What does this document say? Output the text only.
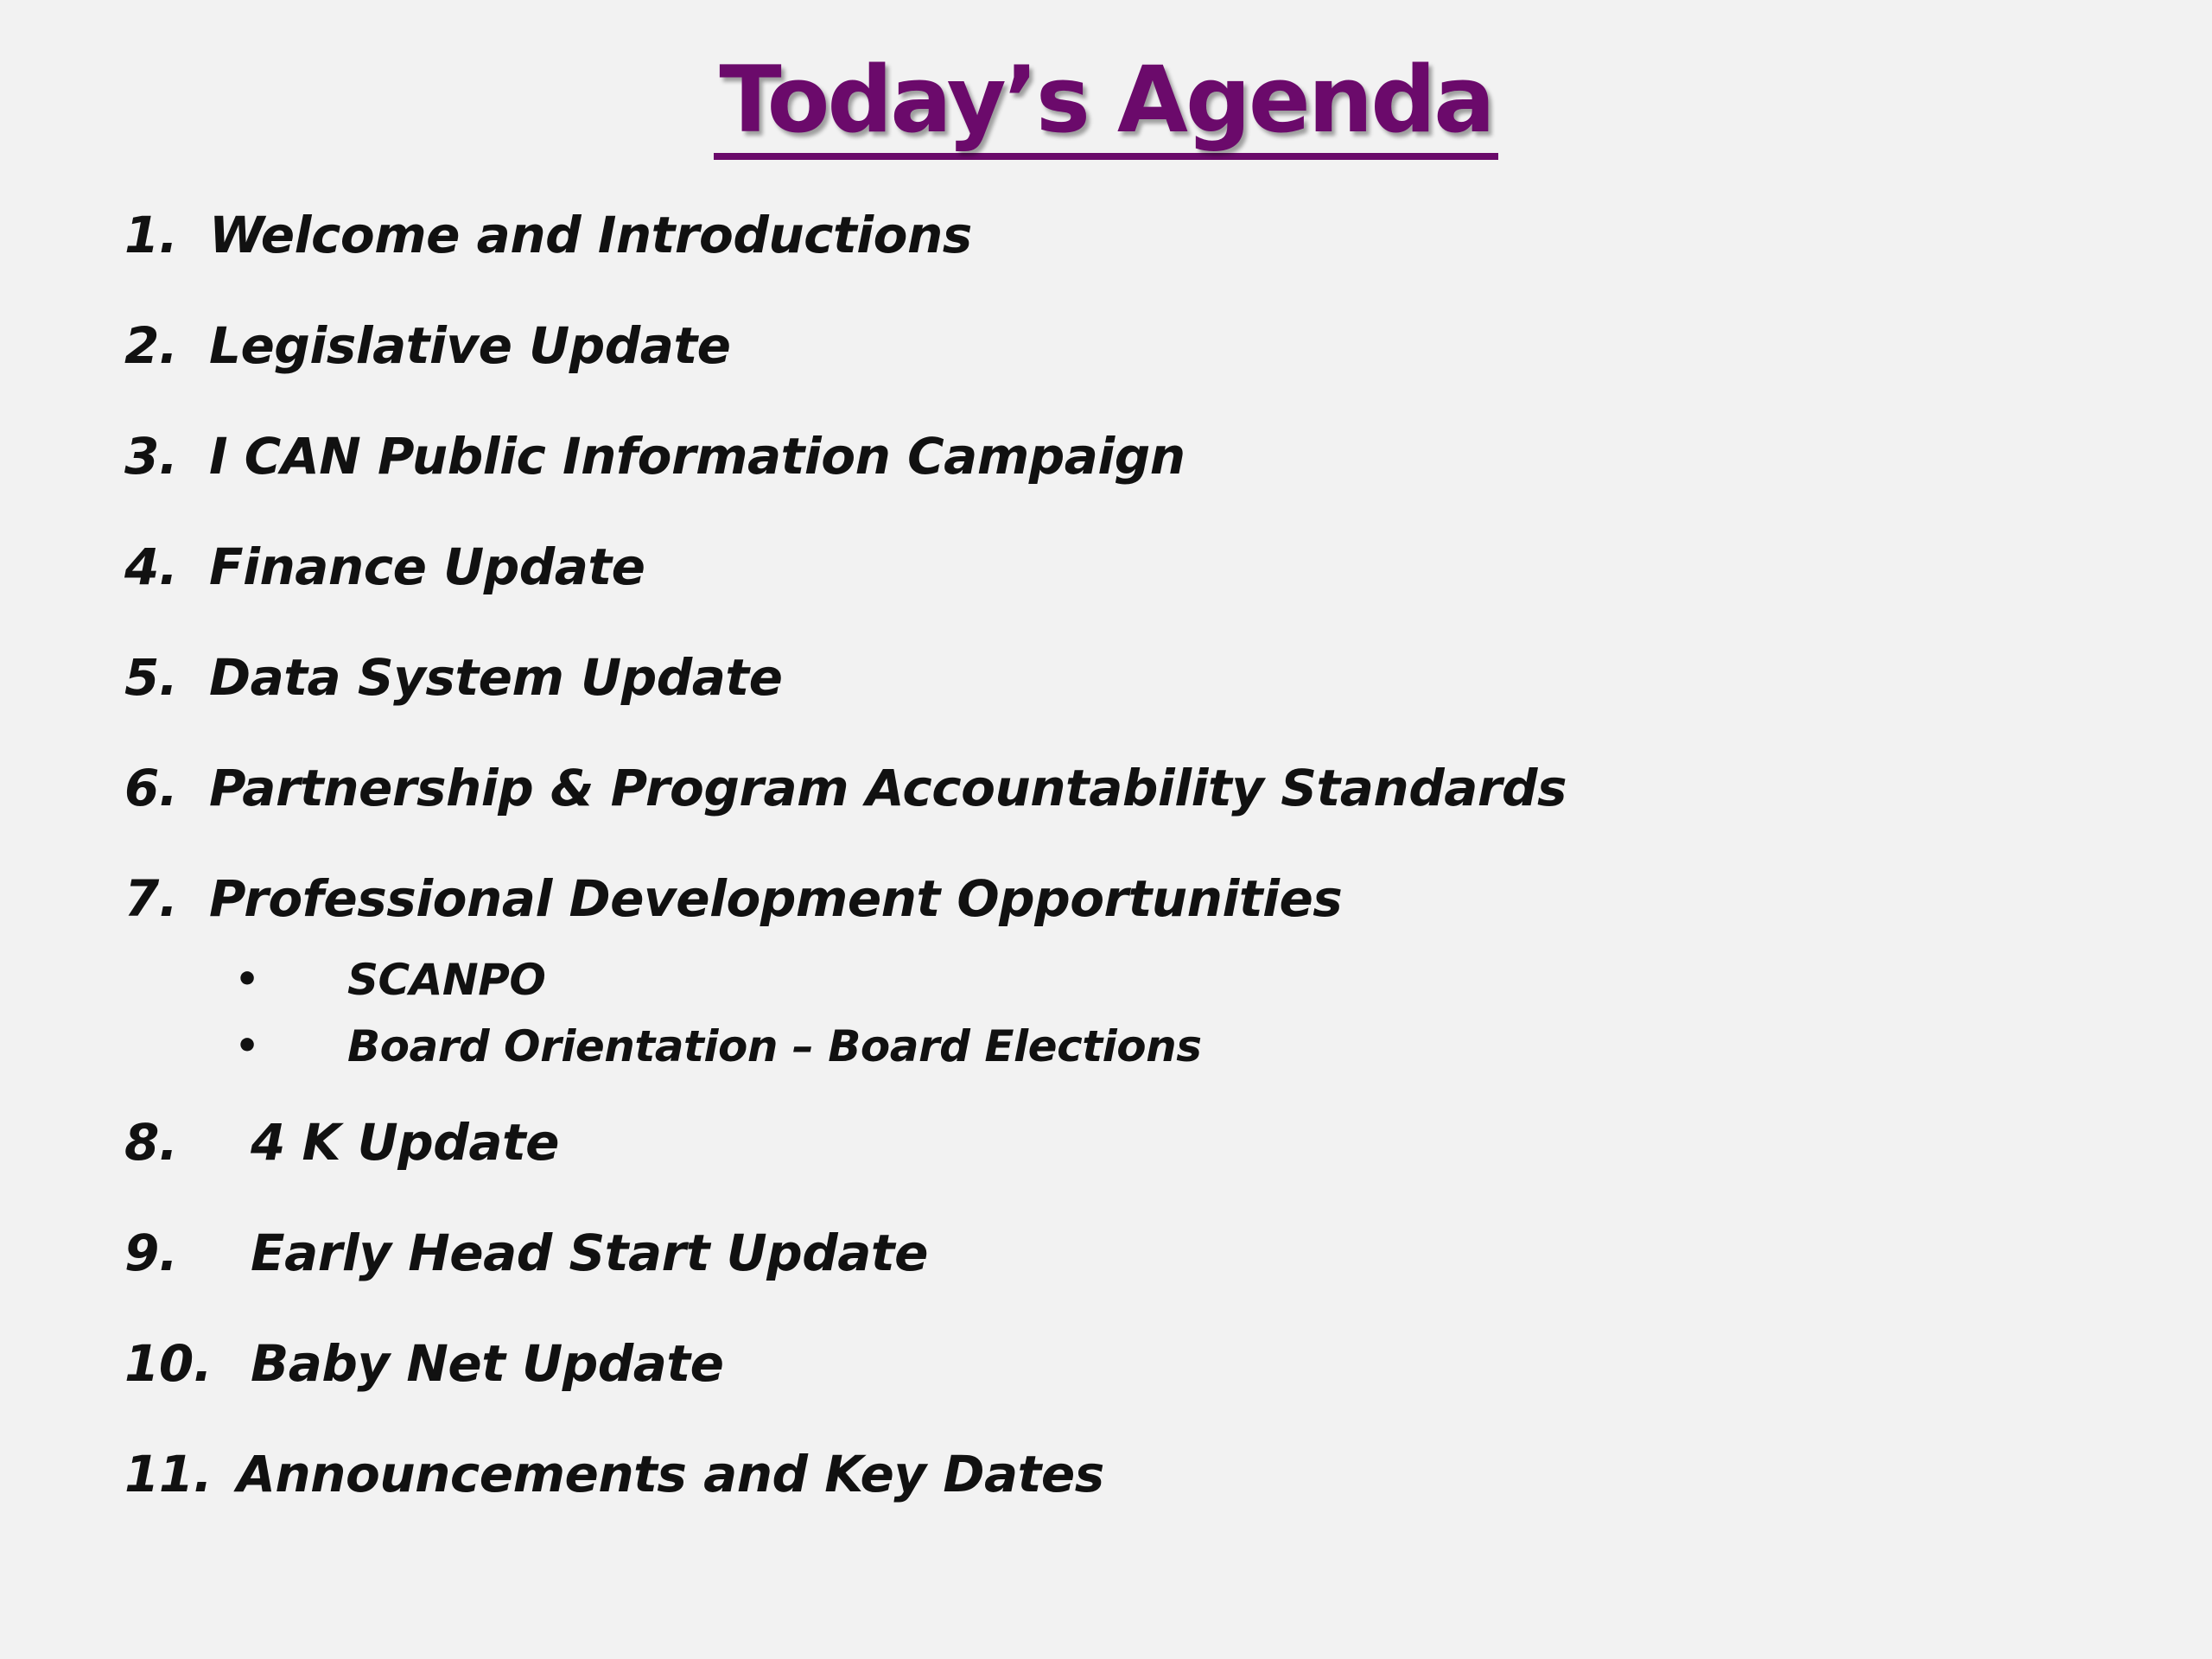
Today’s Agenda
1. Welcome and Introductions
2. Legislative Update
3. I CAN Public Information Campaign
4. Finance Update
5. Data System Update
6. Partnership & Program Accountability Standards
7. Professional Development Opportunities
• SCANPO
• Board Orientation – Board Elections
8. 4 K Update
9. Early Head Start Update
10. Baby Net Update
11. Announcements and Key Dates
